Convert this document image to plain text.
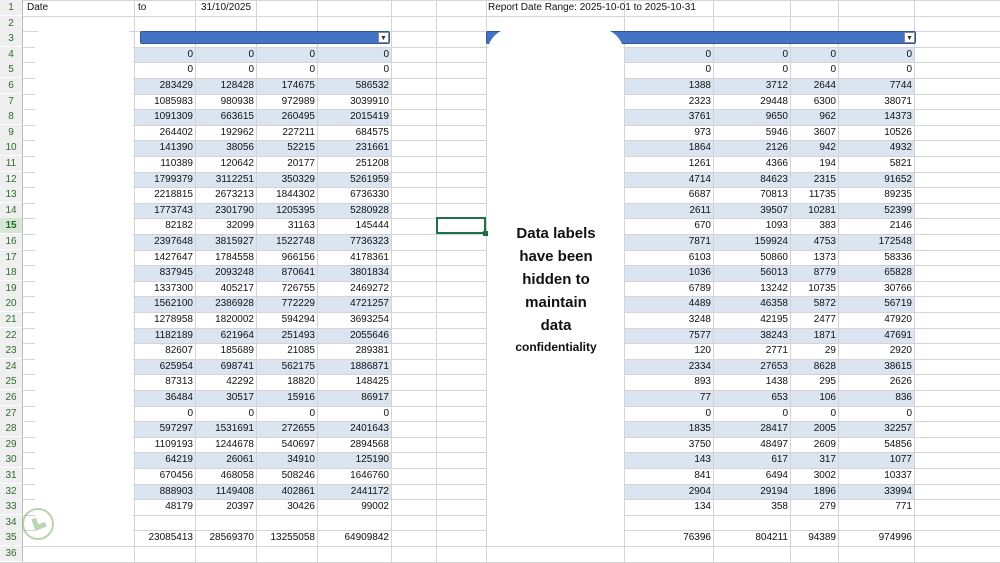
1
2
3
4
5
6
7
8
9
10
11
12
13
14
15
16
17
18
19
20
21
22
23
24
25
26
27
28
29
30
31
32
33
34
35
36
0	0	0	0
0	0	0	0
283429	128428	174675	586532
1085983	980938	972989	3039910
1091309	663615	260495	2015419
264402	192962	227211	684575
141390	38056	52215	231661
110389	120642	20177	251208
1799379	3112251	350329	5261959
2218815	2673213	1844302	6736330
1773743	2301790	1205395	5280928
82182	32099	31163	145444
2397648	3815927	1522748	7736323
1427647	1784558	966156	4178361
837945	2093248	870641	3801834
1337300	405217	726755	2469272
1562100	2386928	772229	4721257
1278958	1820002	594294	3693254
1182189	621964	251493	2055646
82607	185689	21085	289381
625954	698741	562175	1886871
87313	42292	18820	148425
36484	30517	15916	86917
0	0	0	0
597297	1531691	272655	2401643
1109193	1244678	540697	2894568
64219	26061	34910	125190
670456	468058	508246	1646760
888903	1149408	402861	2441172
48179	20397	30426	99002
23085413	28569370	13255058	64909842
0	0	0	0
0	0	0	0
1388	3712	2644	7744
2323	29448	6300	38071
3761	9650	962	14373
973	5946	3607	10526
1864	2126	942	4932
1261	4366	194	5821
4714	84623	2315	91652
6687	70813	11735	89235
2611	39507	10281	52399
670	1093	383	2146
7871	159924	4753	172548
6103	50860	1373	58336
1036	56013	8779	65828
6789	13242	10735	30766
4489	46358	5872	56719
3248	42195	2477	47920
7577	38243	1871	47691
120	2771	29	2920
2334	27653	8628	38615
893	1438	295	2626
77	653	106	836
0	0	0	0
1835	28417	2005	32257
3750	48497	2609	54856
143	617	317	1077
841	6494	3002	10337
2904	29194	1896	33994
134	358	279	771
76396	804211	94389	974996
Date	to	31/10/2025	Report Date Range: 2025-10-01 to 2025-10-31
▼	▼
Data labels
have been
hidden to
maintain
data
confidentiality
